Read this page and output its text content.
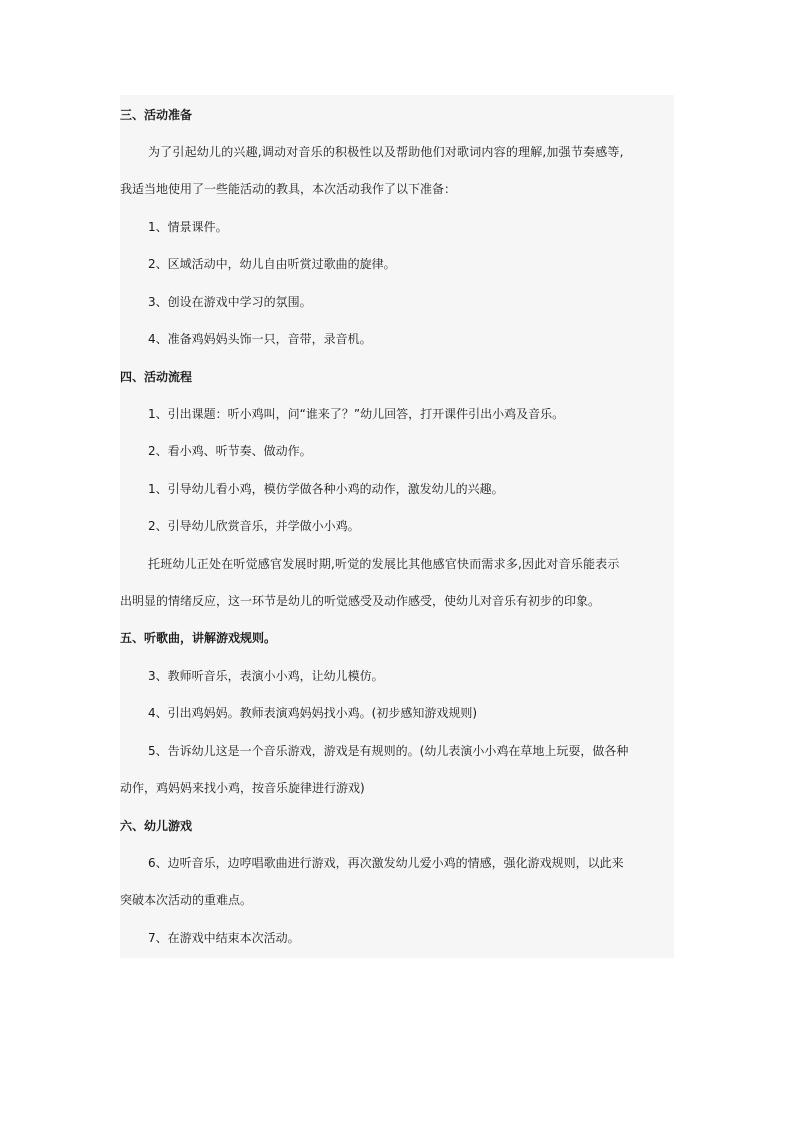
三、活动准备
为了引起幼儿的兴趣,调动对音乐的积极性以及帮助他们对歌词内容的理解,加强节奏感等,
我适当地使用了一些能活动的教具，本次活动我作了以下准备：
1、情景课件。
2、区域活动中，幼儿自由听赏过歌曲的旋律。
3、创设在游戏中学习的氛围。
4、准备鸡妈妈头饰一只，音带，录音机。
四、活动流程
1、引出课题：听小鸡叫，问“谁来了？”幼儿回答，打开课件引出小鸡及音乐。
2、看小鸡、听节奏、做动作。
1、引导幼儿看小鸡，模仿学做各种小鸡的动作，激发幼儿的兴趣。
2、引导幼儿欣赏音乐，并学做小小鸡。
托班幼儿正处在听觉感官发展时期,听觉的发展比其他感官快而需求多,因此对音乐能表示
出明显的情绪反应，这一环节是幼儿的听觉感受及动作感受，使幼儿对音乐有初步的印象。
五、听歌曲，讲解游戏规则。
3、教师听音乐，表演小小鸡，让幼儿模仿。
4、引出鸡妈妈。教师表演鸡妈妈找小鸡。(初步感知游戏规则)
5、告诉幼儿这是一个音乐游戏，游戏是有规则的。(幼儿表演小小鸡在草地上玩耍，做各种
动作，鸡妈妈来找小鸡，按音乐旋律进行游戏)
六、幼儿游戏
6、边听音乐，边哼唱歌曲进行游戏，再次激发幼儿爱小鸡的情感，强化游戏规则，以此来
突破本次活动的重难点。
7、在游戏中结束本次活动。
